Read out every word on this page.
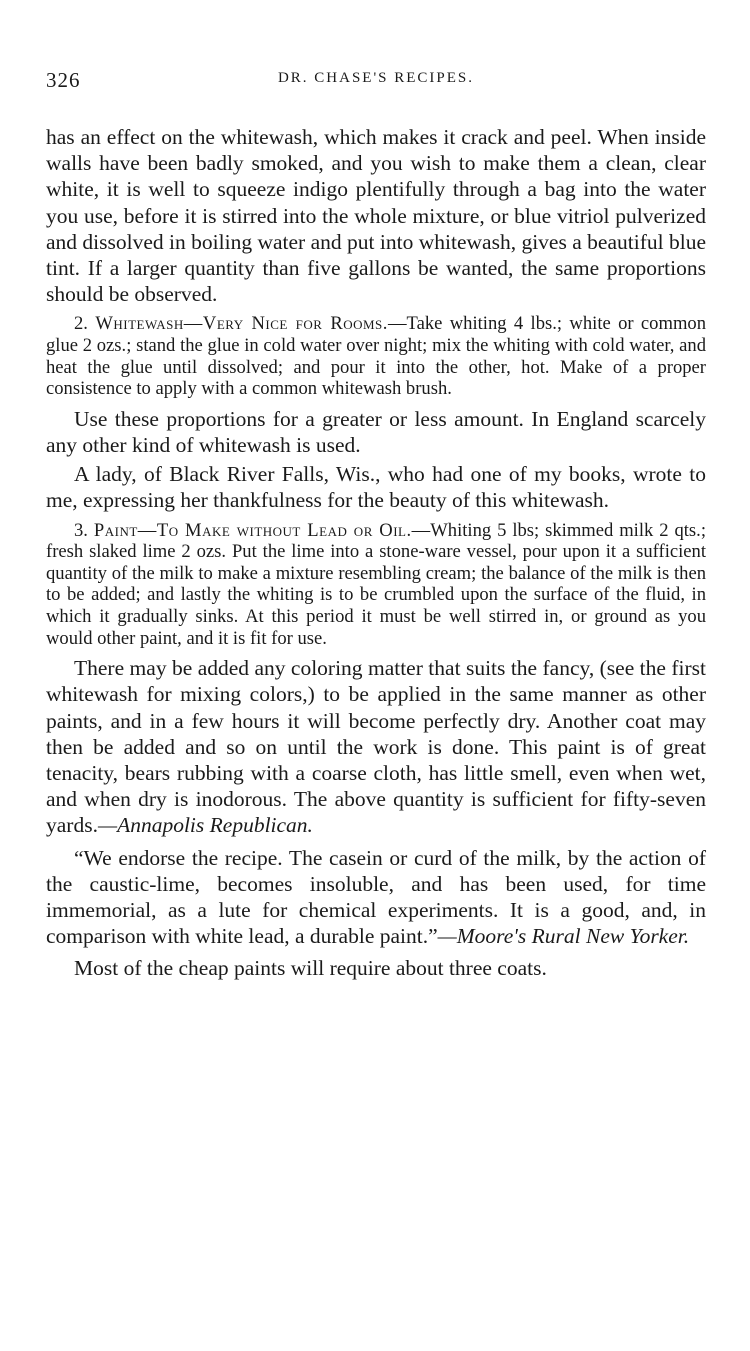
326	DR. CHASE'S RECIPES.

has an effect on the whitewash, which makes it crack and peel. When inside walls have been badly smoked, and you wish to make them a clean, clear white, it is well to squeeze indigo plentifully through a bag into the water you use, before it is stirred into the whole mixture, or blue vitriol pulverized and dissolved in boiling water and put into whitewash, gives a beautiful blue tint. If a larger quantity than five gallons be wanted, the same proportions should be observed.

2. Whitewash—Very Nice for Rooms.—Take whiting 4 lbs.; white or common glue 2 ozs.; stand the glue in cold water over night; mix the whiting with cold water, and heat the glue until dissolved; and pour it into the other, hot. Make of a proper consistence to apply with a common whitewash brush.

Use these proportions for a greater or less amount. In England scarcely any other kind of whitewash is used.

A lady, of Black River Falls, Wis., who had one of my books, wrote to me, expressing her thankfulness for the beauty of this whitewash.

3. Paint—To Make without Lead or Oil.—Whiting 5 lbs; skimmed milk 2 qts.; fresh slaked lime 2 ozs. Put the lime into a stone-ware vessel, pour upon it a sufficient quantity of the milk to make a mixture resembling cream; the balance of the milk is then to be added; and lastly the whiting is to be crumbled upon the surface of the fluid, in which it gradually sinks. At this period it must be well stirred in, or ground as you would other paint, and it is fit for use.

There may be added any coloring matter that suits the fancy, (see the first whitewash for mixing colors,) to be applied in the same manner as other paints, and in a few hours it will become perfectly dry. Another coat may then be added and so on until the work is done. This paint is of great tenacity, bears rubbing with a coarse cloth, has little smell, even when wet, and when dry is inodorous. The above quantity is sufficient for fifty-seven yards.—Annapolis Republican.

“We endorse the recipe. The casein or curd of the milk, by the action of the caustic-lime, becomes insoluble, and has been used, for time immemorial, as a lute for chemical experiments. It is a good, and, in comparison with white lead, a durable paint.”—Moore's Rural New Yorker.

Most of the cheap paints will require about three coats.
